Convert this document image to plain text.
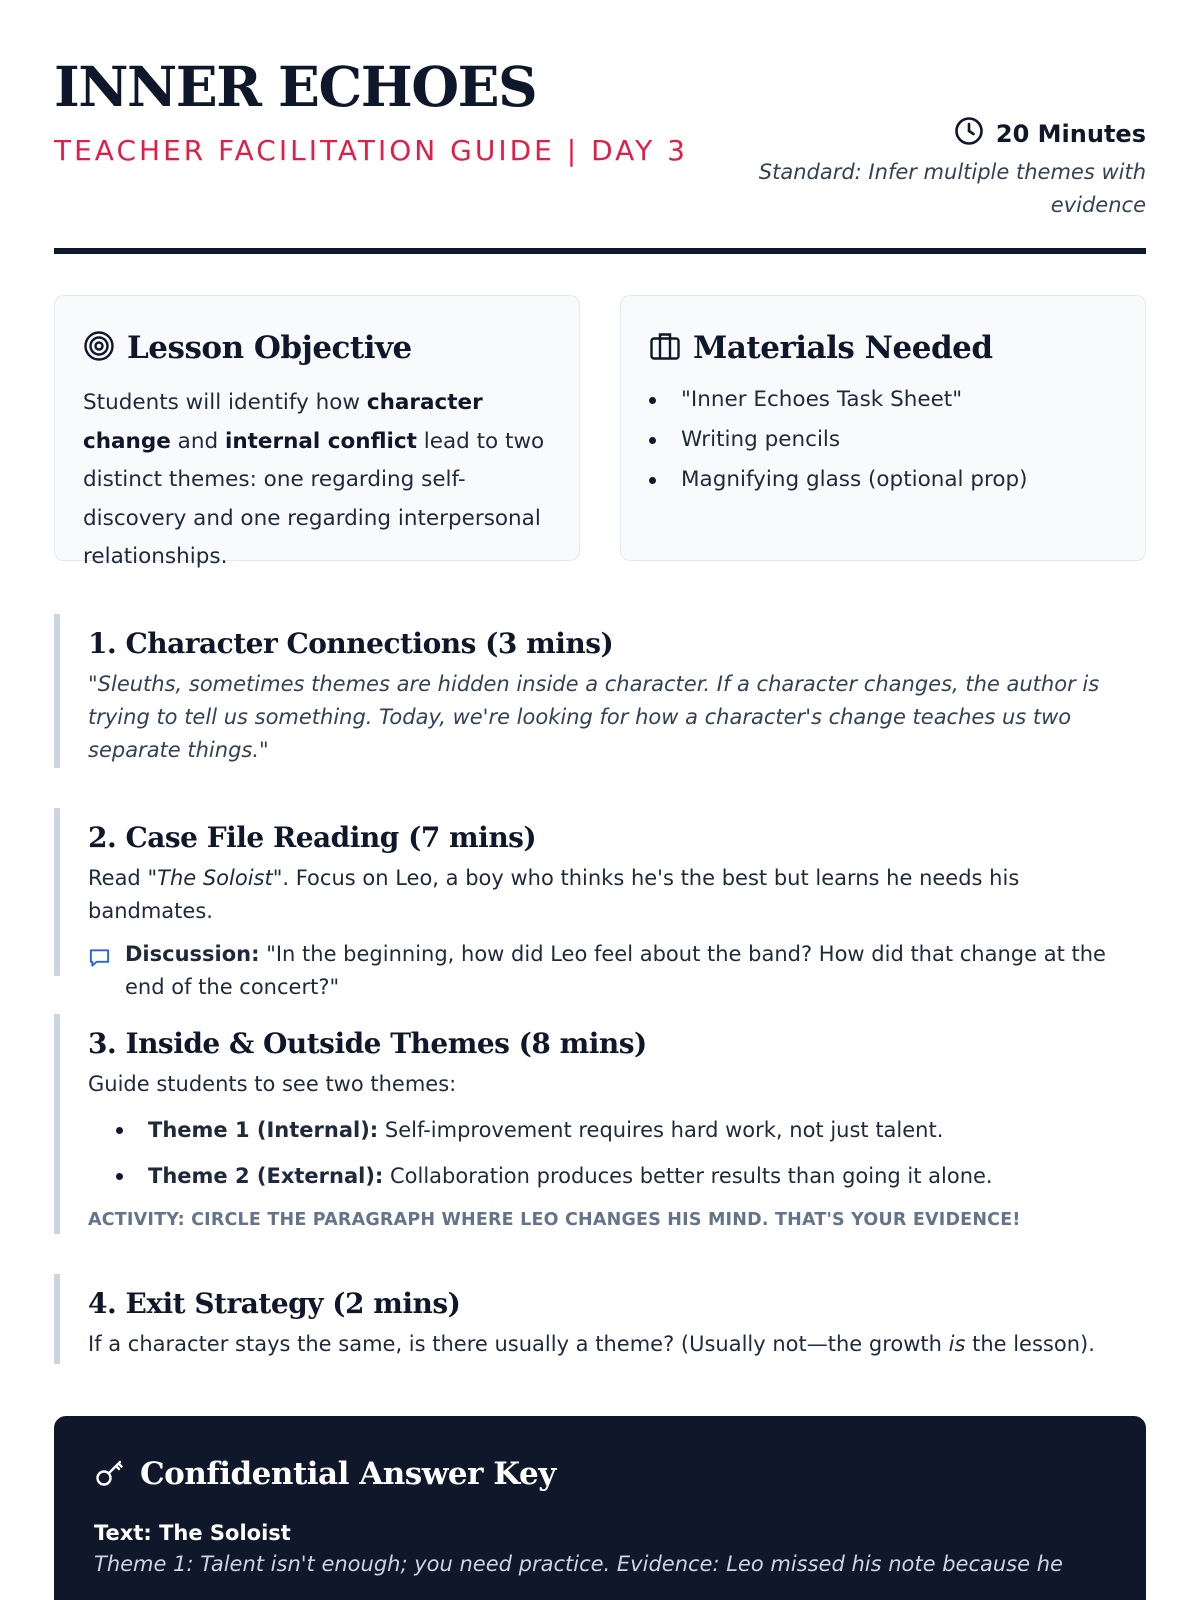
INNER ECHOES
TEACHER FACILITATION GUIDE | DAY 3	20 Minutes
Standard: Infer multiple themes with evidence
Lesson Objective

Students will identify how character change and internal conflict lead to two distinct themes: one regarding self-discovery and one regarding interpersonal relationships.

Materials Needed
"Inner Echoes Task Sheet"
Writing pencils
Magnifying glass (optional prop)
1. Character Connections (3 mins)

"Sleuths, sometimes themes are hidden inside a character. If a character changes, the author is trying to tell us something. Today, we're looking for how a character's change teaches us two separate things."

2. Case File Reading (7 mins)

Read "The Soloist". Focus on Leo, a boy who thinks he's the best but learns he needs his bandmates.

Discussion: "In the beginning, how did Leo feel about the band? How did that change at the end of the concert?"

3. Inside & Outside Themes (8 mins)

Guide students to see two themes:

Theme 1 (Internal): Self-improvement requires hard work, not just talent.
Theme 2 (External): Collaboration produces better results than going it alone.
ACTIVITY: CIRCLE THE PARAGRAPH WHERE LEO CHANGES HIS MIND. THAT'S YOUR EVIDENCE!
4. Exit Strategy (2 mins)

If a character stays the same, is there usually a theme? (Usually not—the growth is the lesson).

Confidential Answer Key
Text: The Soloist
Theme 1: Talent isn't enough; you need practice. Evidence: Leo missed his note because he
